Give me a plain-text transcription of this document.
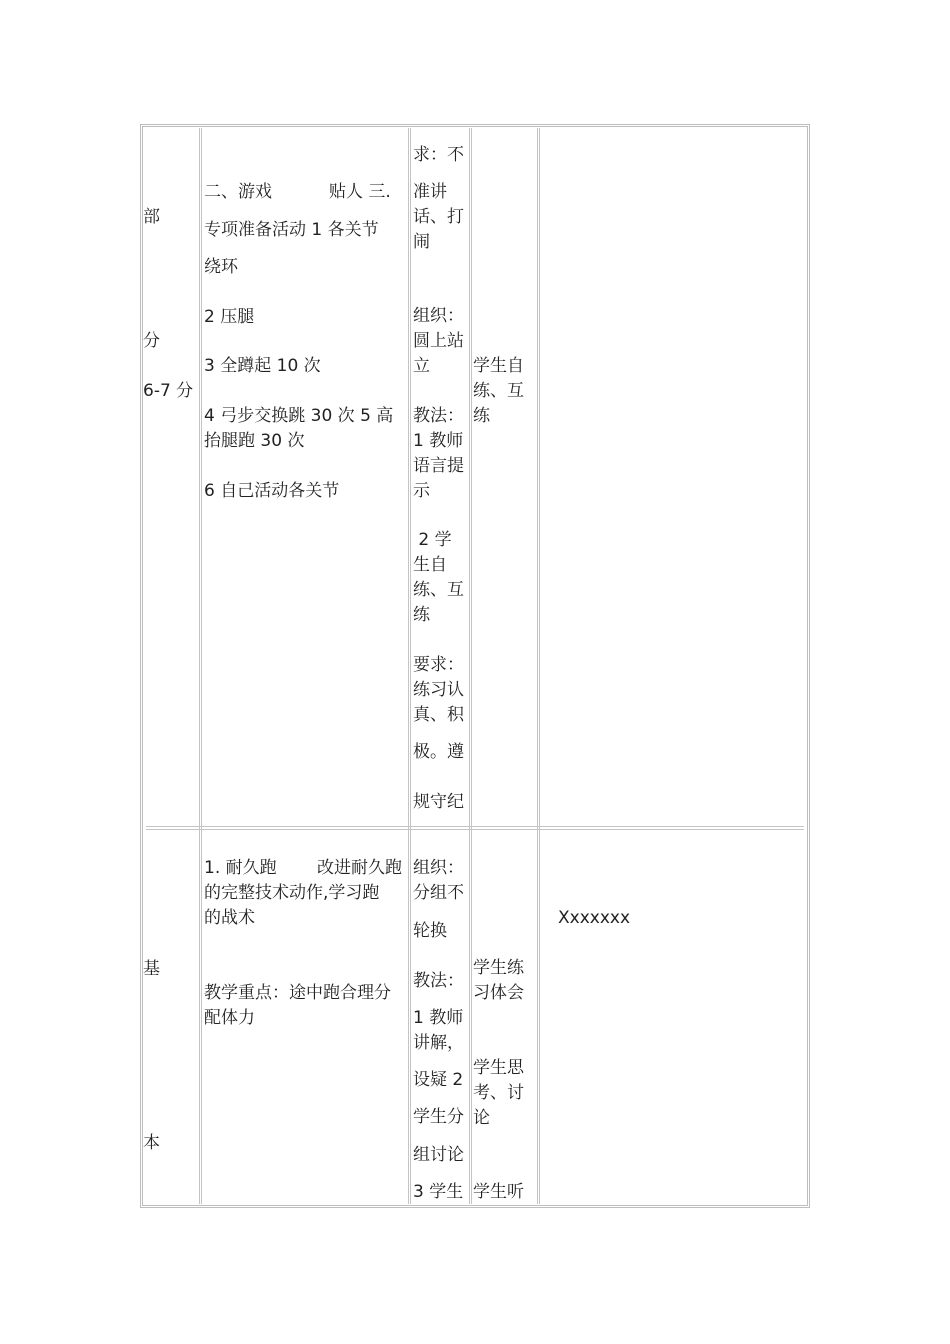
部
分
6-7 分
二、游戏	贴人 三.
专项准备活动 1 各关节
绕环
2 压腿
3 全蹲起 10 次
4 弓步交换跳 30 次 5 高
抬腿跑 30 次
6 自己活动各关节
求：不
准讲
话、打
闹
组织：
圆上站
立
教法：
1 教师
语言提
示
2 学
生自
练、互
练
要求：
练习认
真、积
极。遵
规守纪
学生自
练、互
练
基
本
1. 耐久跑 改进耐久跑
的完整技术动作,学习跑
的战术
教学重点：途中跑合理分
配体力
组织：
分组不
轮换
教法：
1 教师
讲解，
设疑 2
学生分
组讨论
3 学生
学生练
习体会
学生思
考、讨
论
学生听
Xxxxxxx
